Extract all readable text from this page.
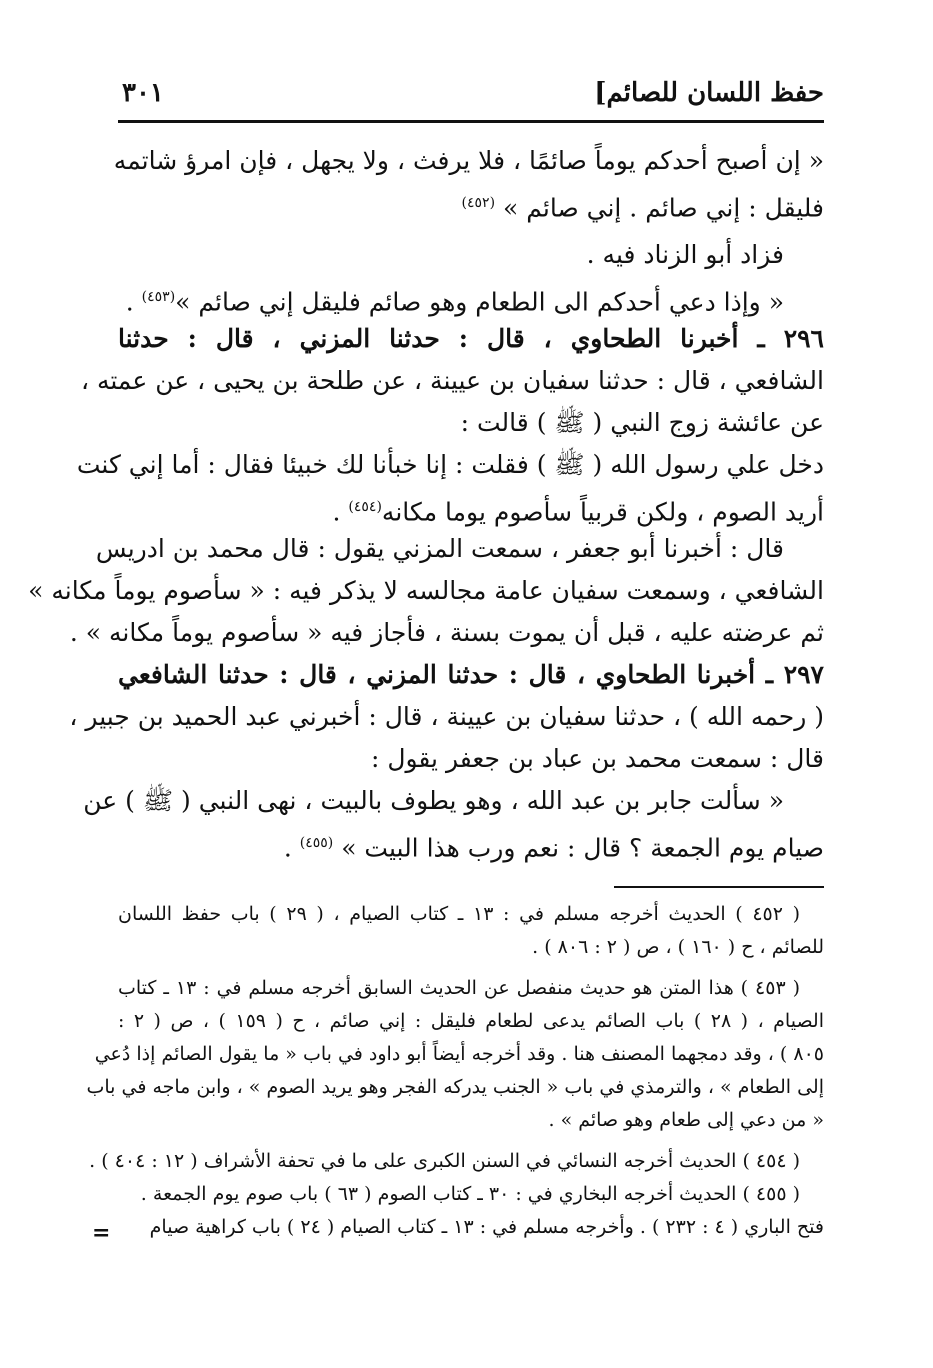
حفظ اللسان للصائم]
٣٠١
« إن أصبح أحدكم يوماً صائمًا ، فلا يرفث ، ولا يجهل ، فإن امرؤ شاتمه
فليقل : إني صائم . إني صائم » $^{(٤٥٢)}$
فزاد أبو الزناد فيه .
« وإذا دعي أحدكم الى الطعام وهو صائم فليقل إني صائم »$^{(٤٥٣)}$ .
٢٩٦ ـ أخبرنا الطحاوي ، قال : حدثنا المزني ، قال : حدثنا
الشافعي ، قال : حدثنا سفيان بن عيينة ، عن طلحة بن يحيى ، عن عمته ،
عن عائشة زوج النبي ( ﷺ ) قالت :
دخل علي رسول الله ( ﷺ ) فقلت : إنا خبأنا لك خبيئا فقال : أما إني كنت
أريد الصوم ، ولكن قربياً سأصوم يوما مكانه$^{(٤٥٤)}$ .
قال : أخبرنا أبو جعفر ، سمعت المزني يقول : قال محمد بن ادريس
الشافعي ، وسمعت سفيان عامة مجالسه لا يذكر فيه : « سأصوم يوماً مكانه »
ثم عرضته عليه ، قبل أن يموت بسنة ، فأجاز فيه « سأصوم يوماً مكانه » .
٢٩٧ ـ أخبرنا الطحاوي ، قال : حدثنا المزني ، قال : حدثنا الشافعي
( رحمه الله ) ، حدثنا سفيان بن عيينة ، قال : أخبرني عبد الحميد بن جبير ،
قال : سمعت محمد بن عباد بن جعفر يقول :
« سألت جابر بن عبد الله ، وهو يطوف بالبيت ، نهى النبي ( ﷺ ) عن
صيام يوم الجمعة ؟ قال : نعم ورب هذا البيت » $^{(٤٥٥)}$ .
( ٤٥٢ ) الحديث أخرجه مسلم في : ١٣ ـ كتاب الصيام ، ( ٢٩ ) باب حفظ اللسان
للصائم ، ح ( ١٦٠ ) ، ص ( ٢ : ٨٠٦ ) .
( ٤٥٣ ) هذا المتن هو حديث منفصل عن الحديث السابق أخرجه مسلم في : ١٣ ـ كتاب
الصيام ، ( ٢٨ ) باب الصائم يدعى لطعام فليقل : إني صائم ، ح ( ١٥٩ ) ، ص ( ٢ :
٨٠٥ ) ، وقد دمجهما المصنف هنا . وقد أخرجه أيضاً أبو داود في باب « ما يقول الصائم إذا دُعي
إلى الطعام » ، والترمذي في باب « الجنب يدركه الفجر وهو يريد الصوم » ، وابن ماجه في باب
« من دعي إلى طعام وهو صائم » .
( ٤٥٤ ) الحديث أخرجه النسائي في السنن الكبرى على ما في تحفة الأشراف ( ١٢ : ٤٠٤ ) .
( ٤٥٥ ) الحديث أخرجه البخاري في : ٣٠ ـ كتاب الصوم ( ٦٣ ) باب صوم يوم الجمعة .
فتح الباري ( ٤ : ٢٣٢ ) . وأخرجه مسلم في : ١٣ ـ كتاب الصيام ( ٢٤ ) باب كراهية صيام
=
